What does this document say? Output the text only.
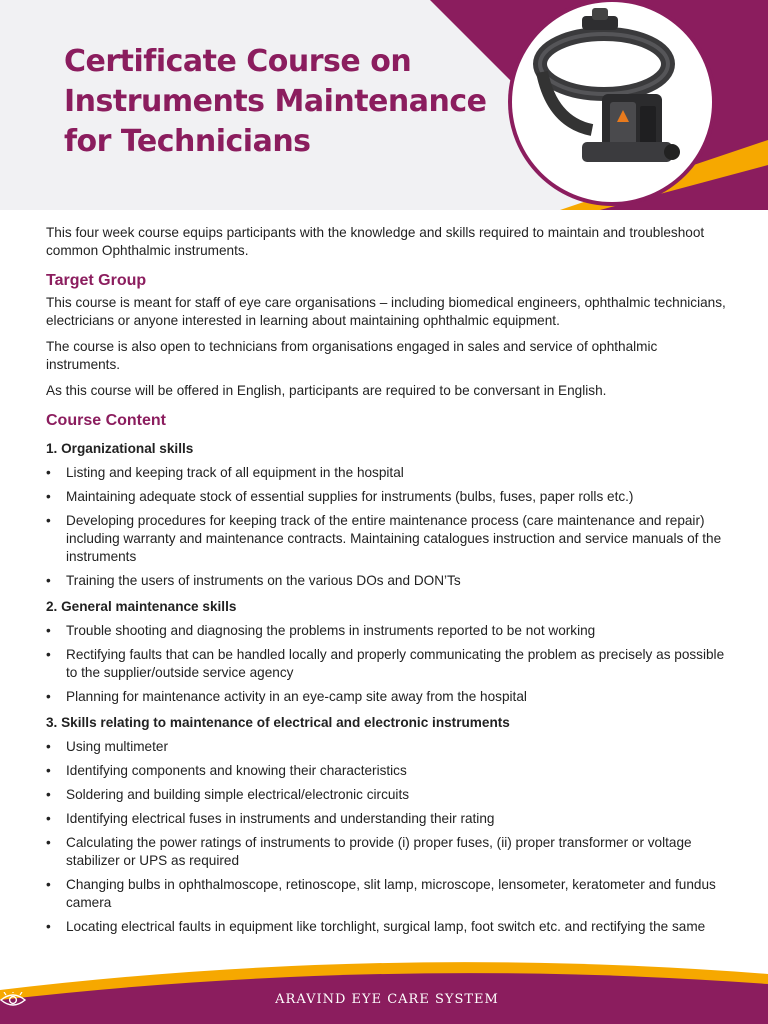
Certificate Course on
Instruments Maintenance
for Technicians

This four week course equips participants with the knowledge and skills required to maintain and troubleshoot common Ophthalmic instruments.

Target Group

This course is meant for staff of eye care organisations – including biomedical engineers, ophthalmic technicians, electricians or anyone interested in learning about maintaining ophthalmic equipment.

The course is also open to technicians from organisations engaged in sales and service of ophthalmic instruments.

As this course will be offered in English, participants are required to be conversant in English.

Course Content
1. Organizational skills
•	Listing and keeping track of all equipment in the hospital
•	Maintaining adequate stock of essential supplies for instruments (bulbs, fuses, paper rolls etc.)
•	Developing procedures for keeping track of the entire maintenance process (care maintenance and repair) including warranty and maintenance contracts. Maintaining catalogues instruction and service manuals of the instruments
•	Training the users of instruments on the various DOs and DON’Ts
2. General maintenance skills
•	Trouble shooting and diagnosing the problems in instruments reported to be not working
•	Rectifying faults that can be handled locally and properly communicating the problem as precisely as possible to the supplier/outside service agency
•	Planning for maintenance activity in an eye-camp site away from the hospital
3. Skills relating to maintenance of electrical and electronic instruments
•	Using multimeter
•	Identifying components and knowing their characteristics
•	Soldering and building simple electrical/electronic circuits
•	Identifying electrical fuses in instruments and understanding their rating
•	Calculating the power ratings of instruments to provide (i) proper fuses, (ii) proper transformer or voltage stabilizer or UPS as required
•	Changing bulbs in ophthalmoscope, retinoscope, slit lamp, microscope, lensometer, keratometer and fundus camera
•	Locating electrical faults in equipment like torchlight, surgical lamp, foot switch etc. and rectifying the same
ARAVIND EYE CARE SYSTEM
